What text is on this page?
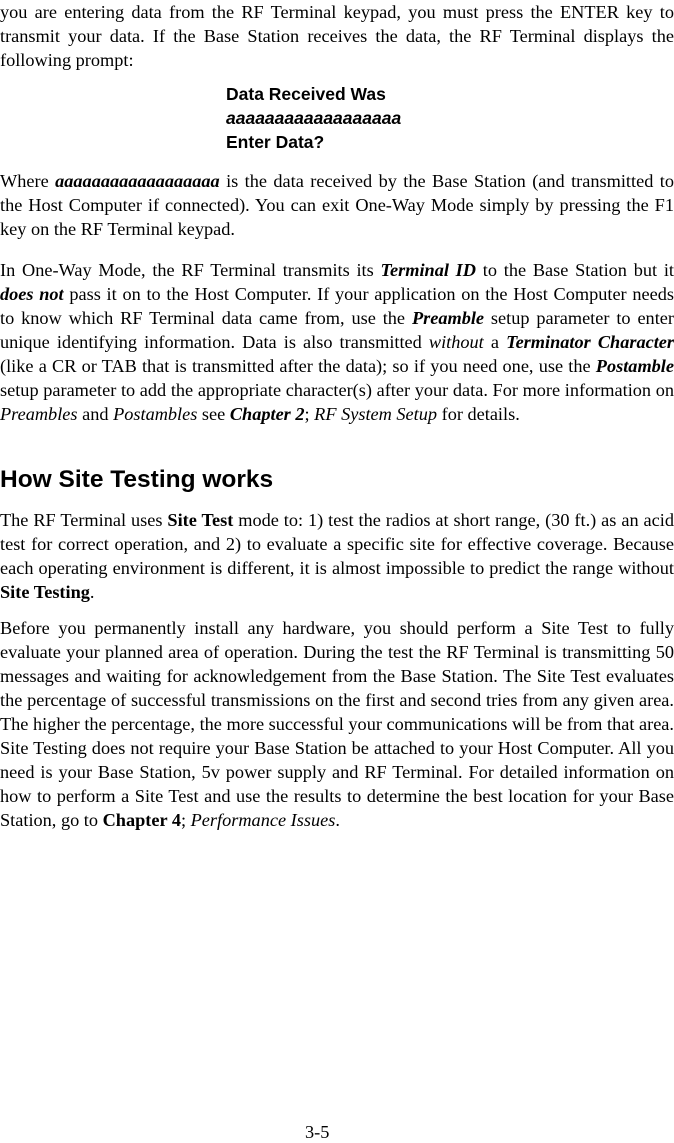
you are entering data from the RF Terminal keypad, you must press the ENTER key to transmit your data. If the Base Station receives the data, the RF Terminal displays the following prompt:
Data Received Was
aaaaaaaaaaaaaaaaaa
Enter Data?
Where aaaaaaaaaaaaaaaaaa is the data received by the Base Station (and transmitted to the Host Computer if connected). You can exit One-Way Mode simply by pressing the F1 key on the RF Terminal keypad.
In One-Way Mode, the RF Terminal transmits its Terminal ID to the Base Station but it does not pass it on to the Host Computer. If your application on the Host Computer needs to know which RF Terminal data came from, use the Preamble setup parameter to enter unique identifying information. Data is also transmitted without a Terminator Character (like a CR or TAB that is transmitted after the data); so if you need one, use the Postamble setup parameter to add the appropriate character(s) after your data. For more information on Preambles and Postambles see Chapter 2; RF System Setup for details.
How Site Testing works
The RF Terminal uses Site Test mode to: 1) test the radios at short range, (30 ft.) as an acid test for correct operation, and 2) to evaluate a specific site for effective coverage. Because each operating environment is different, it is almost impossible to predict the range without Site Testing.
Before you permanently install any hardware, you should perform a Site Test to fully evaluate your planned area of operation. During the test the RF Terminal is transmitting 50 messages and waiting for acknowledgement from the Base Station. The Site Test evaluates the percentage of successful transmissions on the first and second tries from any given area. The higher the percentage, the more successful your communications will be from that area. Site Testing does not require your Base Station be attached to your Host Computer. All you need is your Base Station, 5v power supply and RF Terminal. For detailed information on how to perform a Site Test and use the results to determine the best location for your Base Station, go to Chapter 4; Performance Issues.
3-5
